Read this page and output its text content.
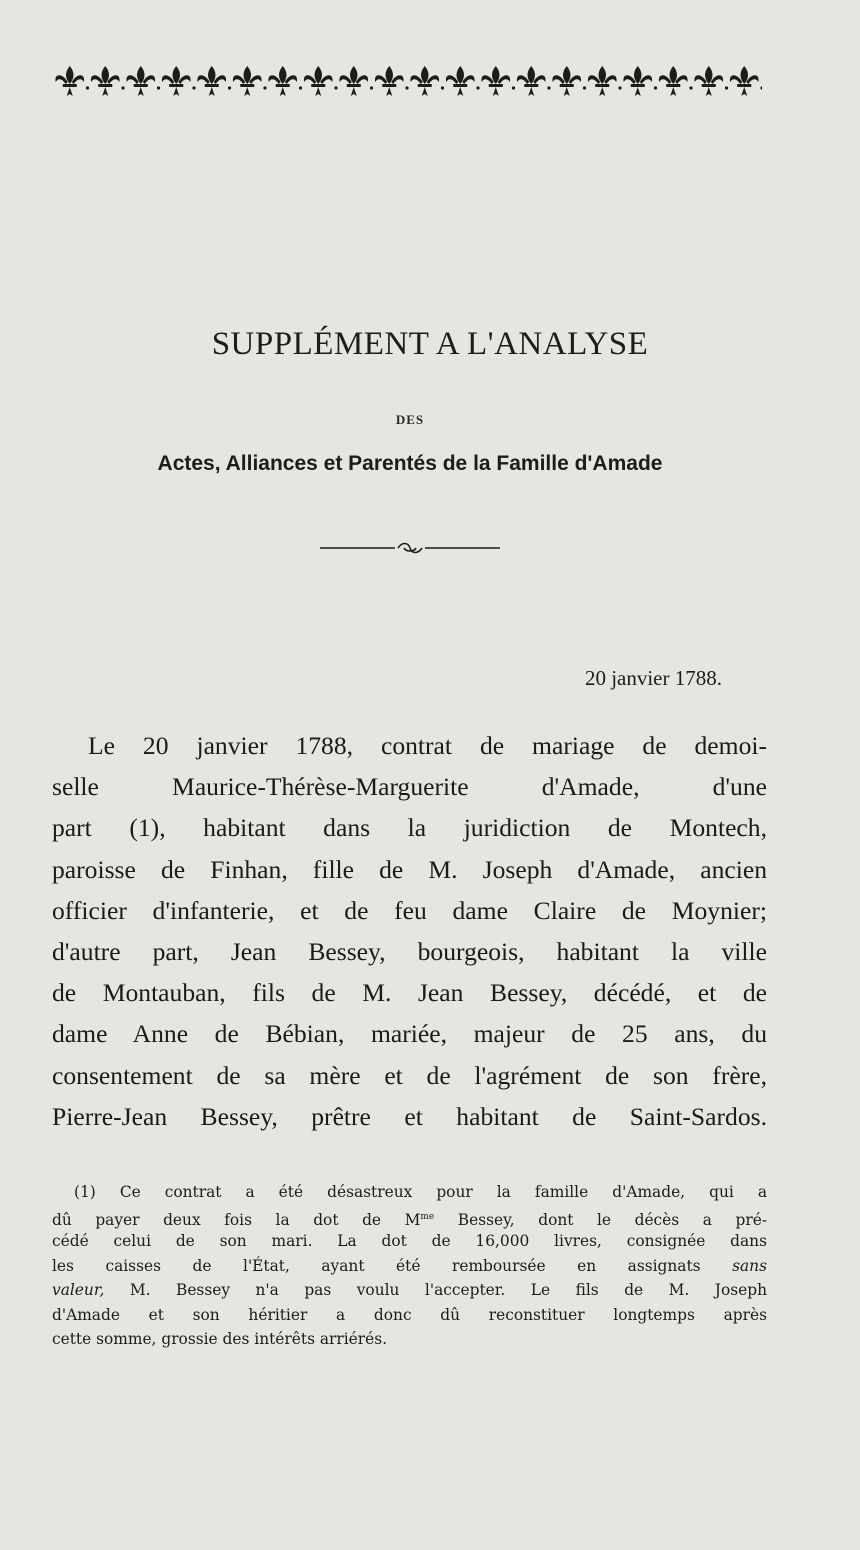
SUPPLÉMENT A L'ANALYSE
DES
Actes, Alliances et Parentés de la Famille d'Amade
20 janvier 1788.
Le 20 janvier 1788, contrat de mariage de demoi-
selle Maurice-Thérèse-Marguerite d'Amade, d'une
part (1), habitant dans la juridiction de Montech,
paroisse de Finhan, fille de M. Joseph d'Amade, ancien
officier d'infanterie, et de feu dame Claire de Moynier;
d'autre part, Jean Bessey, bourgeois, habitant la ville
de Montauban, fils de M. Jean Bessey, décédé, et de
dame Anne de Bébian, mariée, majeur de 25 ans, du
consentement de sa mère et de l'agrément de son frère,
Pierre-Jean Bessey, prêtre et habitant de Saint-Sardos.
(1) Ce contrat a été désastreux pour la famille d'Amade, qui a
dû payer deux fois la dot de $M^{me}$ Bessey, dont le décès a pré-
cédé celui de son mari. La dot de 16,000 livres, consignée dans
les caisses de l'État, ayant été remboursée en assignats sans
valeur, M. Bessey n'a pas voulu l'accepter. Le fils de M. Joseph
d'Amade et son héritier a donc dû reconstituer longtemps après
cette somme, grossie des intérêts arriérés.
